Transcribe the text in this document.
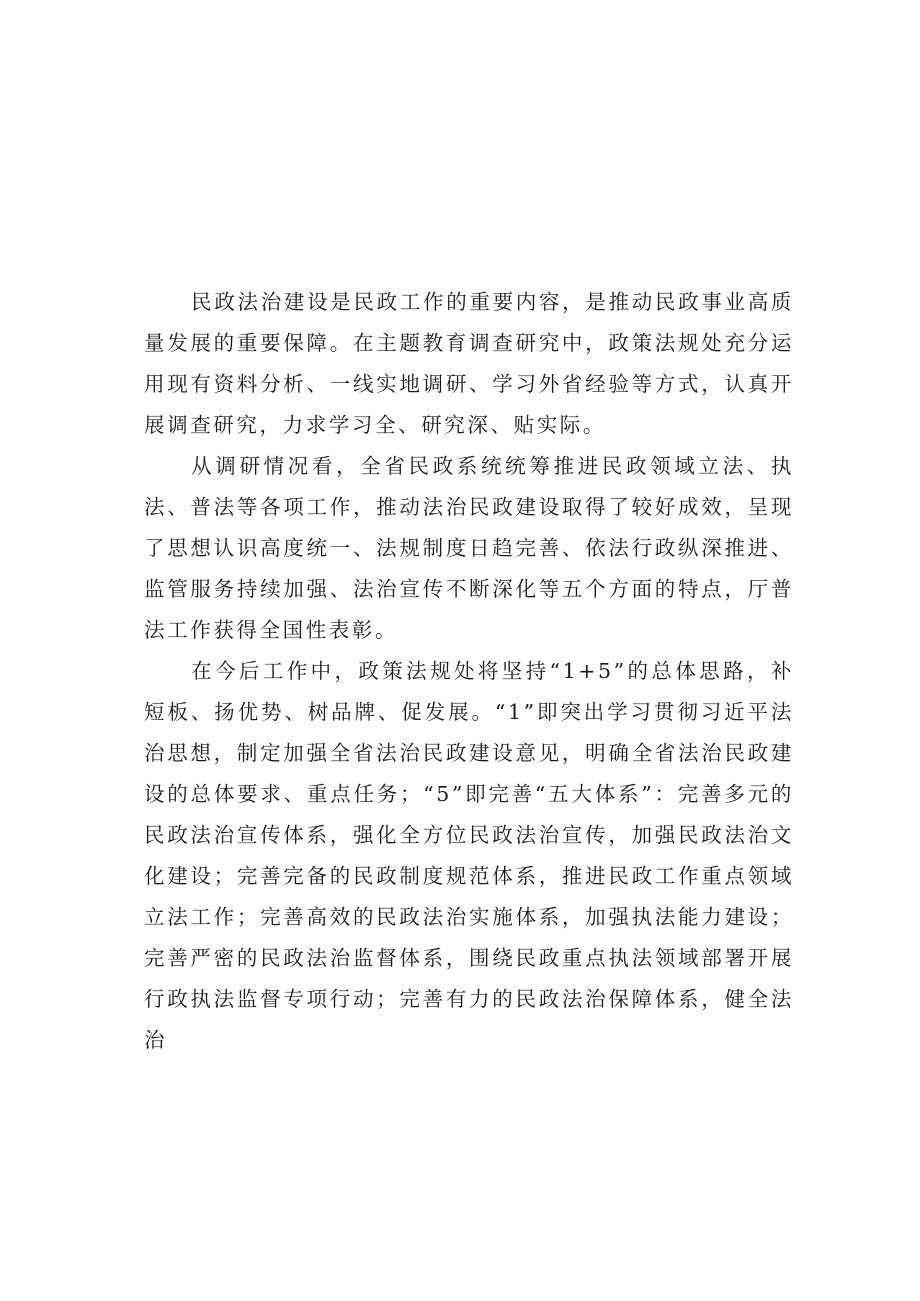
民政法治建设是民政工作的重要内容，是推动民政事业高质量发展的重要保障。在主题教育调查研究中，政策法规处充分运用现有资料分析、一线实地调研、学习外省经验等方式，认真开展调查研究，力求学习全、研究深、贴实际。

从调研情况看，全省民政系统统筹推进民政领域立法、执法、普法等各项工作，推动法治民政建设取得了较好成效，呈现了思想认识高度统一、法规制度日趋完善、依法行政纵深推进、监管服务持续加强、法治宣传不断深化等五个方面的特点，厅普法工作获得全国性表彰。

在今后工作中，政策法规处将坚持“1+5”的总体思路，补短板、扬优势、树品牌、促发展。“1”即突出学习贯彻习近平法治思想，制定加强全省法治民政建设意见，明确全省法治民政建设的总体要求、重点任务；“5”即完善“五大体系”：完善多元的民政法治宣传体系，强化全方位民政法治宣传，加强民政法治文化建设；完善完备的民政制度规范体系，推进民政工作重点领域立法工作；完善高效的民政法治实施体系，加强执法能力建设；完善严密的民政法治监督体系，围绕民政重点执法领域部署开展行政执法监督专项行动；完善有力的民政法治保障体系，健全法治
